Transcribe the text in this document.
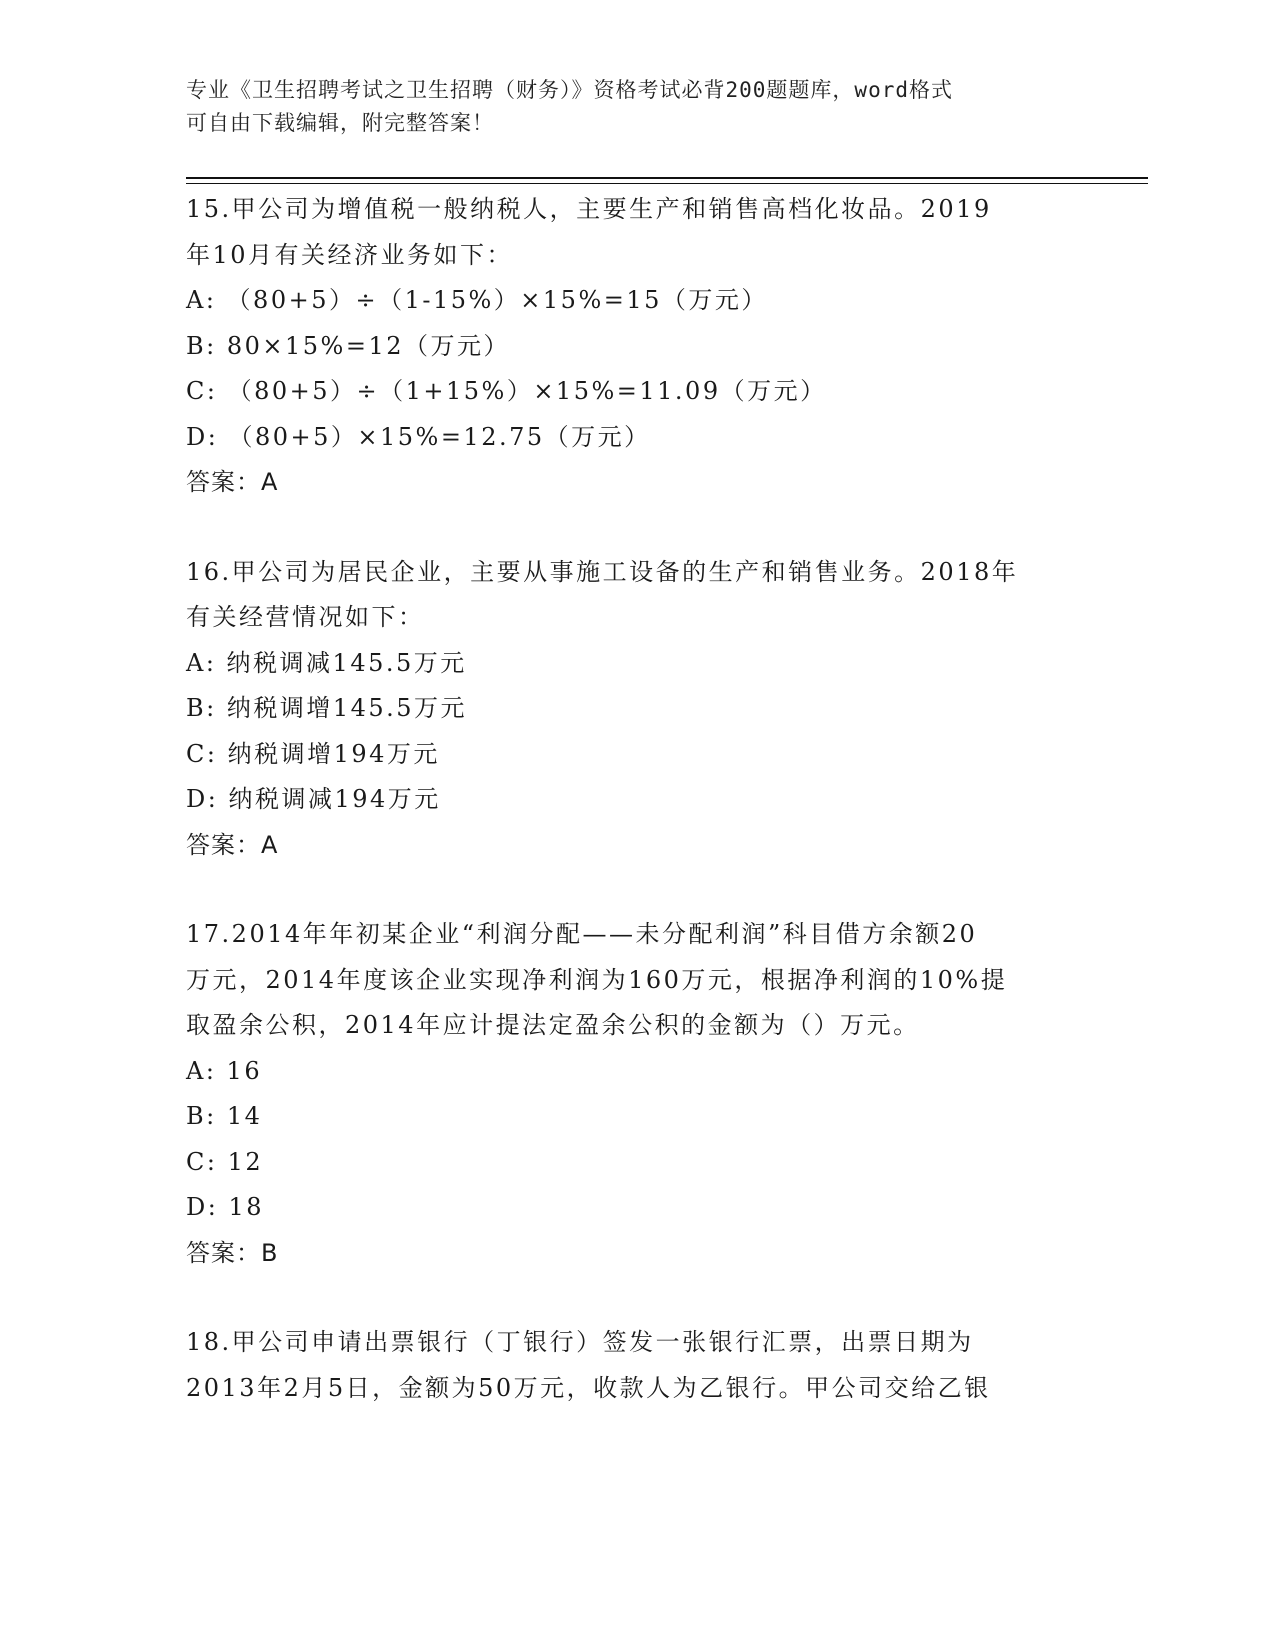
专业《卫生招聘考试之卫生招聘（财务）》资格考试必背200题题库，word格式
可自由下载编辑，附完整答案！

15.甲公司为增值税一般纳税人，主要生产和销售高档化妆品。2019

年10月有关经济业务如下：

A: （80+5）÷（1-15%）×15%=15（万元）

B: 80×15%=12（万元）

C: （80+5）÷（1+15%）×15%=11.09（万元）

D: （80+5）×15%=12.75（万元）

答案：A

16.甲公司为居民企业，主要从事施工设备的生产和销售业务。2018年

有关经营情况如下：

A: 纳税调减145.5万元

B: 纳税调增145.5万元

C: 纳税调增194万元

D: 纳税调减194万元

答案：A

17.2014年年初某企业“利润分配——未分配利润”科目借方余额20

万元，2014年度该企业实现净利润为160万元，根据净利润的10%提

取盈余公积，2014年应计提法定盈余公积的金额为（）万元。

A: 16

B: 14

C: 12

D: 18

答案：B

18.甲公司申请出票银行（丁银行）签发一张银行汇票，出票日期为

2013年2月5日，金额为50万元，收款人为乙银行。甲公司交给乙银
